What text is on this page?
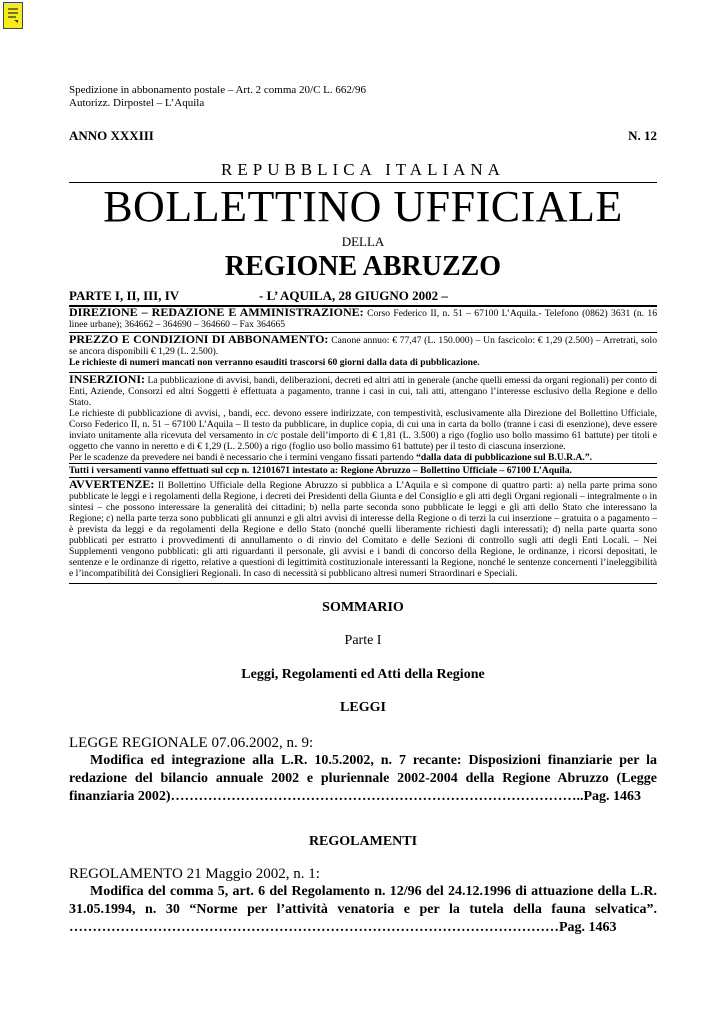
Spedizione in abbonamento postale – Art. 2 comma 20/C L. 662/96
Autorizz. Dirpostel – L’Aquila
ANNO XXXIII	N. 12
REPUBBLICA ITALIANA
BOLLETTINO UFFICIALE
DELLA
REGIONE ABRUZZO
PARTE I, II, III, IV	- L’ AQUILA, 28 GIUGNO 2002 –

DIREZIONE – REDAZIONE E AMMINISTRAZIONE: Corso Federico II, n. 51 – 67100 L’Aquila.- Telefono (0862) 3631 (n. 16 linee urbane); 364662 – 364690 – 364660 – Fax 364665

PREZZO E CONDIZIONI DI ABBONAMENTO: Canone annuo: € 77,47 (L. 150.000) – Un fascicolo: € 1,29 (2.500) – Arretrati, solo se ancora disponibili € 1,29 (L. 2.500).

Le richieste di numeri mancati non verranno esauditi trascorsi 60 giorni dalla data di pubblicazione.

INSERZIONI: La pubblicazione di avvisi, bandi, deliberazioni, decreti ed altri atti in generale (anche quelli emessi da organi regionali) per conto di Enti, Aziende, Consorzi ed altri Soggetti è effettuata a pagamento, tranne i casi in cui, tali atti, attengano l’interesse esclusivo della Regione e dello Stato.

Le richieste di pubblicazione di avvisi, , bandi, ecc. devono essere indirizzate, con tempestività, esclusivamente alla Direzione del Bollettino Ufficiale, Corso Federico II, n. 51 – 67100 L’Aquila – Il testo da pubblicare, in duplice copia, di cui una in carta da bollo (tranne i casi di esenzione), deve essere inviato unitamente alla ricevuta del versamento in c/c postale dell’importo di € 1,81 (L. 3.500) a rigo (foglio uso bollo massimo 61 battute) per titoli e oggetto che vanno in neretto e di € 1,29 (L. 2.500) a rigo (foglio uso bollo massimo 61 battute) per il testo di ciascuna inserzione.

Per le scadenze da prevedere nei bandi è necessario che i termini vengano fissati partendo “dalla data di pubblicazione sul B.U.R.A.”.

Tutti i versamenti vanno effettuati sul ccp n. 12101671 intestato a: Regione Abruzzo – Bollettino Ufficiale – 67100 L’Aquila.

AVVERTENZE: Il Bollettino Ufficiale della Regione Abruzzo si pubblica a L’Aquila e si compone di quattro parti: a) nella parte prima sono pubblicate le leggi e i regolamenti della Regione, i decreti dei Presidenti della Giunta e del Consiglio e gli atti degli Organi regionali – integralmente o in sintesi – che possono interessare la generalità dei cittadini; b) nella parte seconda sono pubblicate le leggi e gli atti dello Stato che interessano la Regione; c) nella parte terza sono pubblicati gli annunzi e gli altri avvisi di interesse della Regione o di terzi la cui inserzione – gratuita o a pagamento – è prevista da leggi e da regolamenti della Regione e dello Stato (nonché quelli liberamente richiesti dagli interessati); d) nella parte quarta sono pubblicati per estratto i provvedimenti di annullamento o di rinvio del Comitato e delle Sezioni di controllo sugli atti degli Enti Locali. – Nei Supplementi vengono pubblicati: gli atti riguardanti il personale, gli avvisi e i bandi di concorso della Regione, le ordinanze, i ricorsi depositati, le sentenze e le ordinanze di rigetto, relative a questioni di legittimità costituzionale interessanti la Regione, nonché le sentenze concernenti l’ineleggibilità e l’incompatibilità dei Consiglieri Regionali. In caso di necessità si pubblicano altresì numeri Straordinari e Speciali.

SOMMARIO
Parte I
Leggi, Regolamenti ed Atti della Regione
LEGGI
LEGGE REGIONALE 07.06.2002, n. 9:
Modifica ed integrazione alla L.R. 10.5.2002, n. 7 recante: Disposizioni finanziarie per la redazione del bilancio annuale 2002 e pluriennale 2002-2004 della Regione Abruzzo (Legge finanziaria 2002)……………………………………………………………………………..Pag. 1463
REGOLAMENTI
REGOLAMENTO 21 Maggio 2002, n. 1:
Modifica del comma 5, art. 6 del Regolamento n. 12/96 del 24.12.1996 di attuazione della L.R. 31.05.1994, n. 30 “Norme per l’attività venatoria e per la tutela della fauna selvatica”. ……………………………………………………………………………………………Pag. 1463
